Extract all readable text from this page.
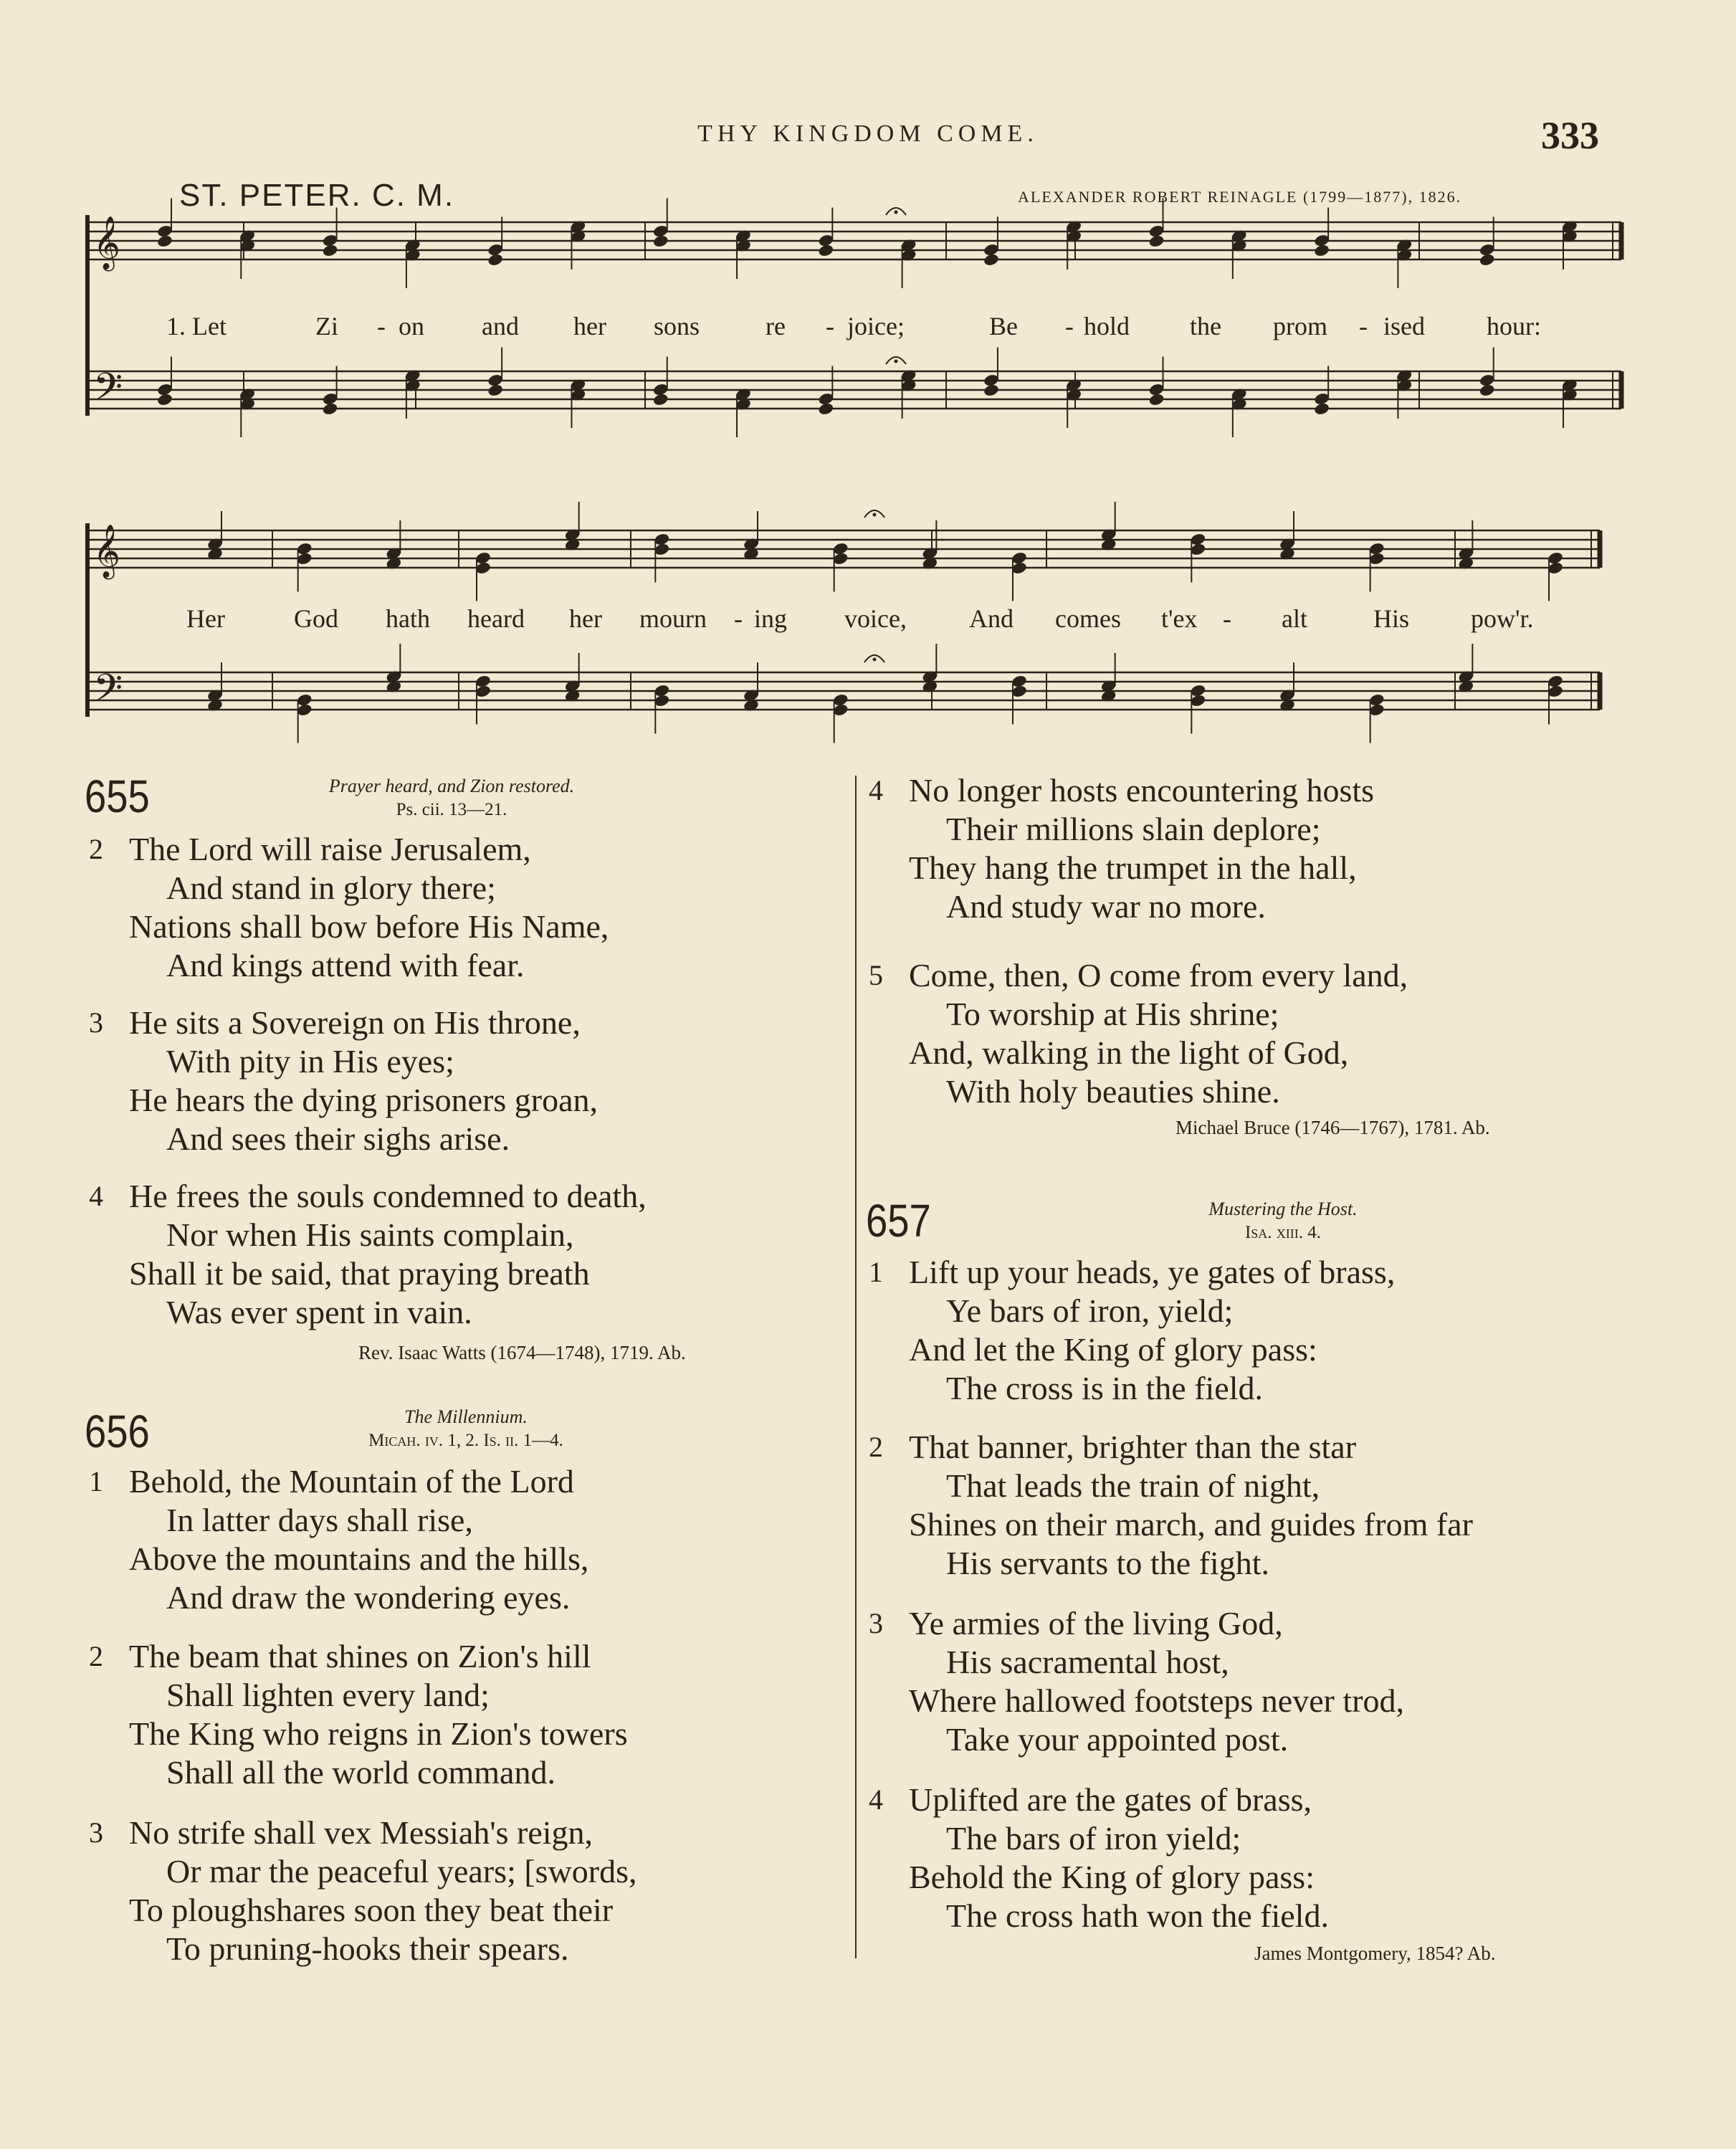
THY KINGDOM COME.	333
ST. PETER. C. M.	ALEXANDER ROBERT REINAGLE (1799—1877), 1826.
𝄞
𝄞
𝄢
𝄢
1. Let	Zi - on and her sons	re - joice;	Be - hold the prom - ised hour:
Her	God hath heard her mourn - ing voice, And comes t'ex - alt	His pow'r.
655	Prayer heard, and Zion restored.
Ps. cii. 13—21.
2 The Lord will raise Jerusalem,
And stand in glory there;
Nations shall bow before His Name,
And kings attend with fear.
3 He sits a Sovereign on His throne,
With pity in His eyes;
He hears the dying prisoners groan,
And sees their sighs arise.
4 He frees the souls condemned to death,
Nor when His saints complain,
Shall it be said, that praying breath
Was ever spent in vain.
Rev. Isaac Watts (1674—1748), 1719. Ab.
656	The Millennium.
Micah. iv. 1, 2. Is. ii. 1—4.
1 Behold, the Mountain of the Lord
In latter days shall rise,
Above the mountains and the hills,
And draw the wondering eyes.
2 The beam that shines on Zion's hill
Shall lighten every land;
The King who reigns in Zion's towers
Shall all the world command.
3 No strife shall vex Messiah's reign,
Or mar the peaceful years; [swords,
To ploughshares soon they beat their
To pruning-hooks their spears.
4 No longer hosts encountering hosts
Their millions slain deplore;
They hang the trumpet in the hall,
And study war no more.
5 Come, then, O come from every land,
To worship at His shrine;
And, walking in the light of God,
With holy beauties shine.
Michael Bruce (1746—1767), 1781. Ab.
657	Mustering the Host.
Isa. xiii. 4.
1 Lift up your heads, ye gates of brass,
Ye bars of iron, yield;
And let the King of glory pass:
The cross is in the field.
2 That banner, brighter than the star
That leads the train of night,
Shines on their march, and guides from far
His servants to the fight.
3 Ye armies of the living God,
His sacramental host,
Where hallowed footsteps never trod,
Take your appointed post.
4 Uplifted are the gates of brass,
The bars of iron yield;
Behold the King of glory pass:
The cross hath won the field.
James Montgomery, 1854? Ab.
